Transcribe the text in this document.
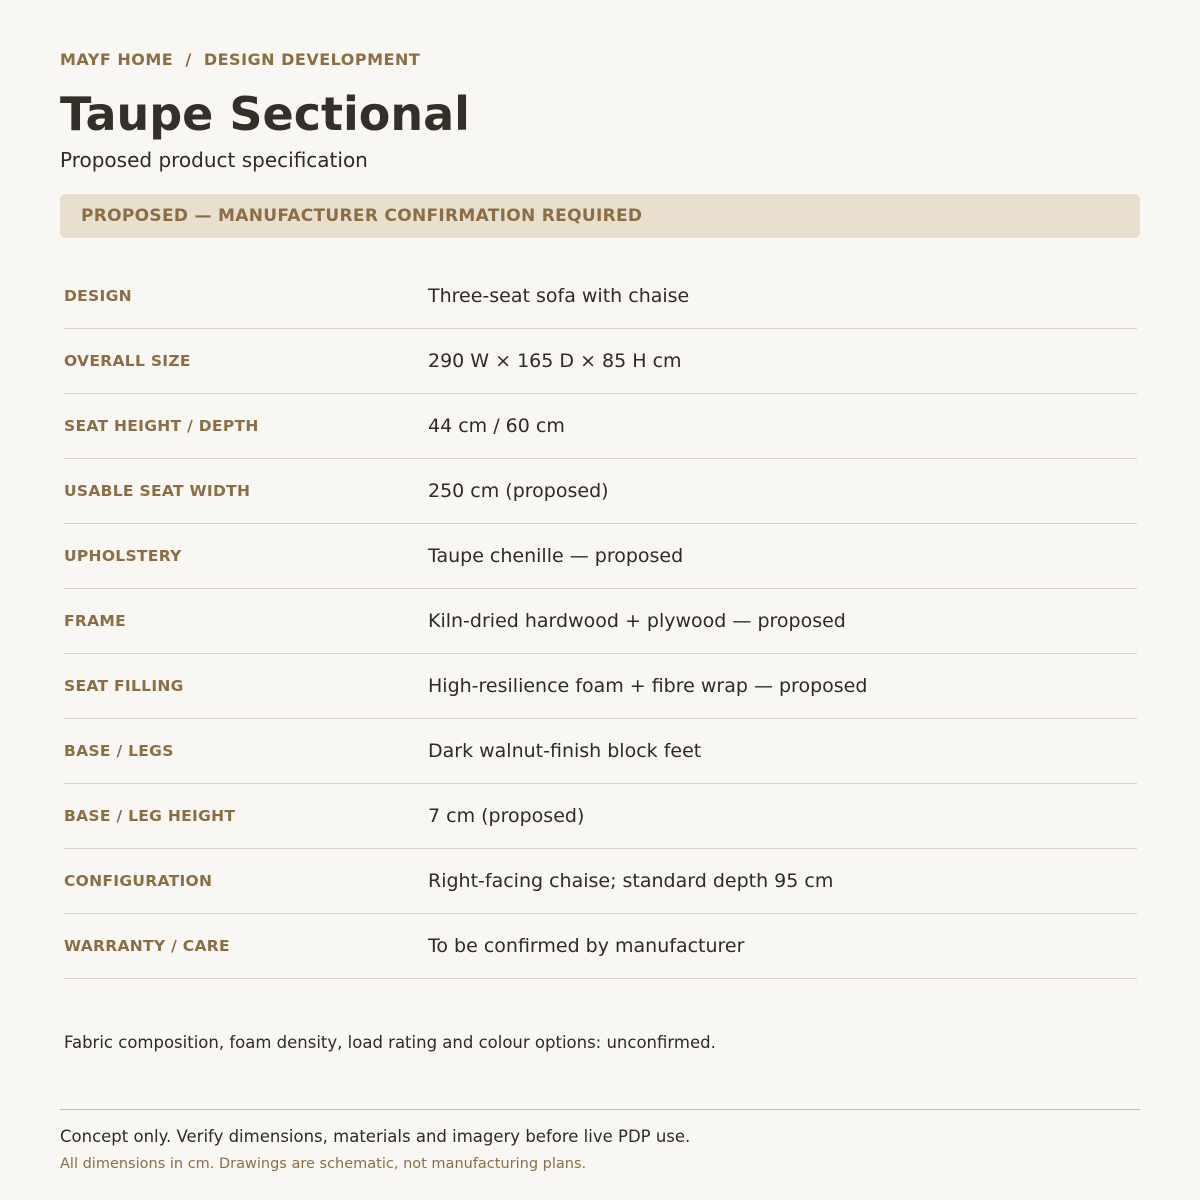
MAYF HOME  /  DESIGN DEVELOPMENT
Taupe Sectional
Proposed product specification
PROPOSED — MANUFACTURER CONFIRMATION REQUIRED
DESIGN	Three-seat sofa with chaise
OVERALL SIZE	290 W × 165 D × 85 H cm
SEAT HEIGHT / DEPTH	44 cm / 60 cm
USABLE SEAT WIDTH	250 cm (proposed)
UPHOLSTERY	Taupe chenille — proposed
FRAME	Kiln-dried hardwood + plywood — proposed
SEAT FILLING	High-resilience foam + fibre wrap — proposed
BASE / LEGS	Dark walnut-finish block feet
BASE / LEG HEIGHT	7 cm (proposed)
CONFIGURATION	Right-facing chaise; standard depth 95 cm
WARRANTY / CARE	To be confirmed by manufacturer
Fabric composition, foam density, load rating and colour options: unconfirmed.
Concept only. Verify dimensions, materials and imagery before live PDP use.
All dimensions in cm. Drawings are schematic, not manufacturing plans.
